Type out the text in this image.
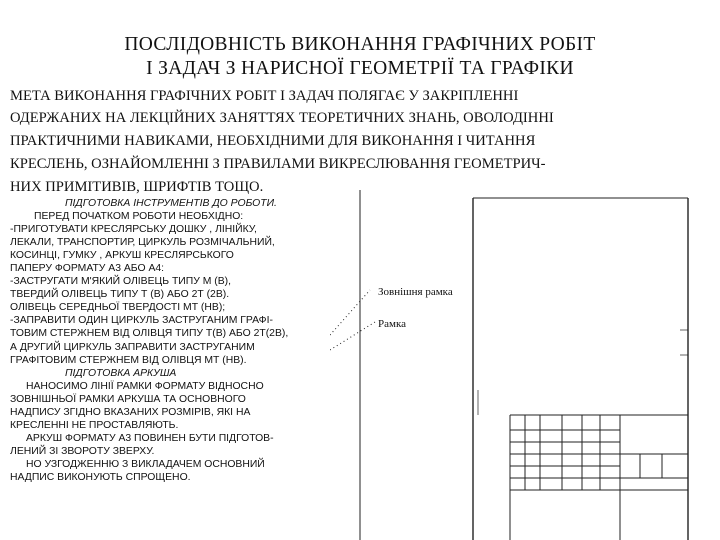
ПОСЛІДОВНІСТЬ ВИКОНАННЯ ГРАФІЧНИХ РОБІТ
І ЗАДАЧ З НАРИСНОЇ ГЕОМЕТРІЇ ТА ГРАФІКИ
МЕТА ВИКОНАННЯ ГРАФІЧНИХ РОБІТ І ЗАДАЧ ПОЛЯГАЄ У ЗАКРІПЛЕННІ
ОДЕРЖАНИХ НА ЛЕКЦІЙНИХ ЗАНЯТТЯХ ТЕОРЕТИЧНИХ ЗНАНЬ, ОВОЛОДІННІ
ПРАКТИЧНИМИ НАВИКАМИ, НЕОБХІДНИМИ ДЛЯ ВИКОНАННЯ І ЧИТАННЯ
КРЕСЛЕНЬ, ОЗНАЙОМЛЕННІ З ПРАВИЛАМИ ВИКРЕСЛЮВАННЯ ГЕОМЕТРИЧ-
НИХ ПРИМІТИВІВ, ШРИФТІВ ТОЩО.
ПІДГОТОВКА ІНСТРУМЕНТІВ ДО РОБОТИ.
ПЕРЕД ПОЧАТКОМ РОБОТИ НЕОБХІДНО:
-ПРИГОТУВАТИ КРЕСЛЯРСЬКУ ДОШКУ , ЛІНІЙКУ,
ЛЕКАЛИ, ТРАНСПОРТИР, ЦИРКУЛЬ РОЗМІЧАЛЬНИЙ,
КОСИНЦІ, ГУМКУ , АРКУШ КРЕСЛЯРСЬКОГО
ПАПЕРУ ФОРМАТУ А3 АБО А4:
-ЗАСТРУГАТИ М'ЯКИЙ ОЛІВЕЦЬ ТИПУ М (В),
ТВЕРДИЙ ОЛІВЕЦЬ ТИПУ Т (В) АБО 2Т (2В).
ОЛІВЕЦЬ СЕРЕДНЬОЇ ТВЕРДОСТІ МТ (НВ);
-ЗАПРАВИТИ ОДИН ЦИРКУЛЬ ЗАСТРУГАНИМ ГРАФІ-
ТОВИМ СТЕРЖНЕМ ВІД ОЛІВЦЯ ТИПУ Т(В) АБО 2Т(2В),
А ДРУГИЙ ЦИРКУЛЬ ЗАПРАВИТИ ЗАСТРУГАНИМ
ГРАФІТОВИМ СТЕРЖНЕМ ВІД ОЛІВЦЯ МТ (НВ).
ПІДГОТОВКА АРКУША
НАНОСИМО ЛІНІЇ РАМКИ ФОРМАТУ ВІДНОСНО
ЗОВНІШНЬОЇ РАМКИ АРКУША ТА ОСНОВНОГО
НАДПИСУ ЗГІДНО ВКАЗАНИХ РОЗМІРІВ, ЯКІ НА
КРЕСЛЕННІ НЕ ПРОСТАВЛЯЮТЬ.
АРКУШ ФОРМАТУ А3 ПОВИНЕН БУТИ ПІДГОТОВ-
ЛЕНИЙ ЗІ ЗВОРОТУ ЗВЕРХУ.
НО УЗГОДЖЕННЮ З ВИКЛАДАЧЕМ ОСНОВНИЙ
НАДПИС ВИКОНУЮТЬ СПРОЩЕНО.
Зовнішня рамка
Рамка
